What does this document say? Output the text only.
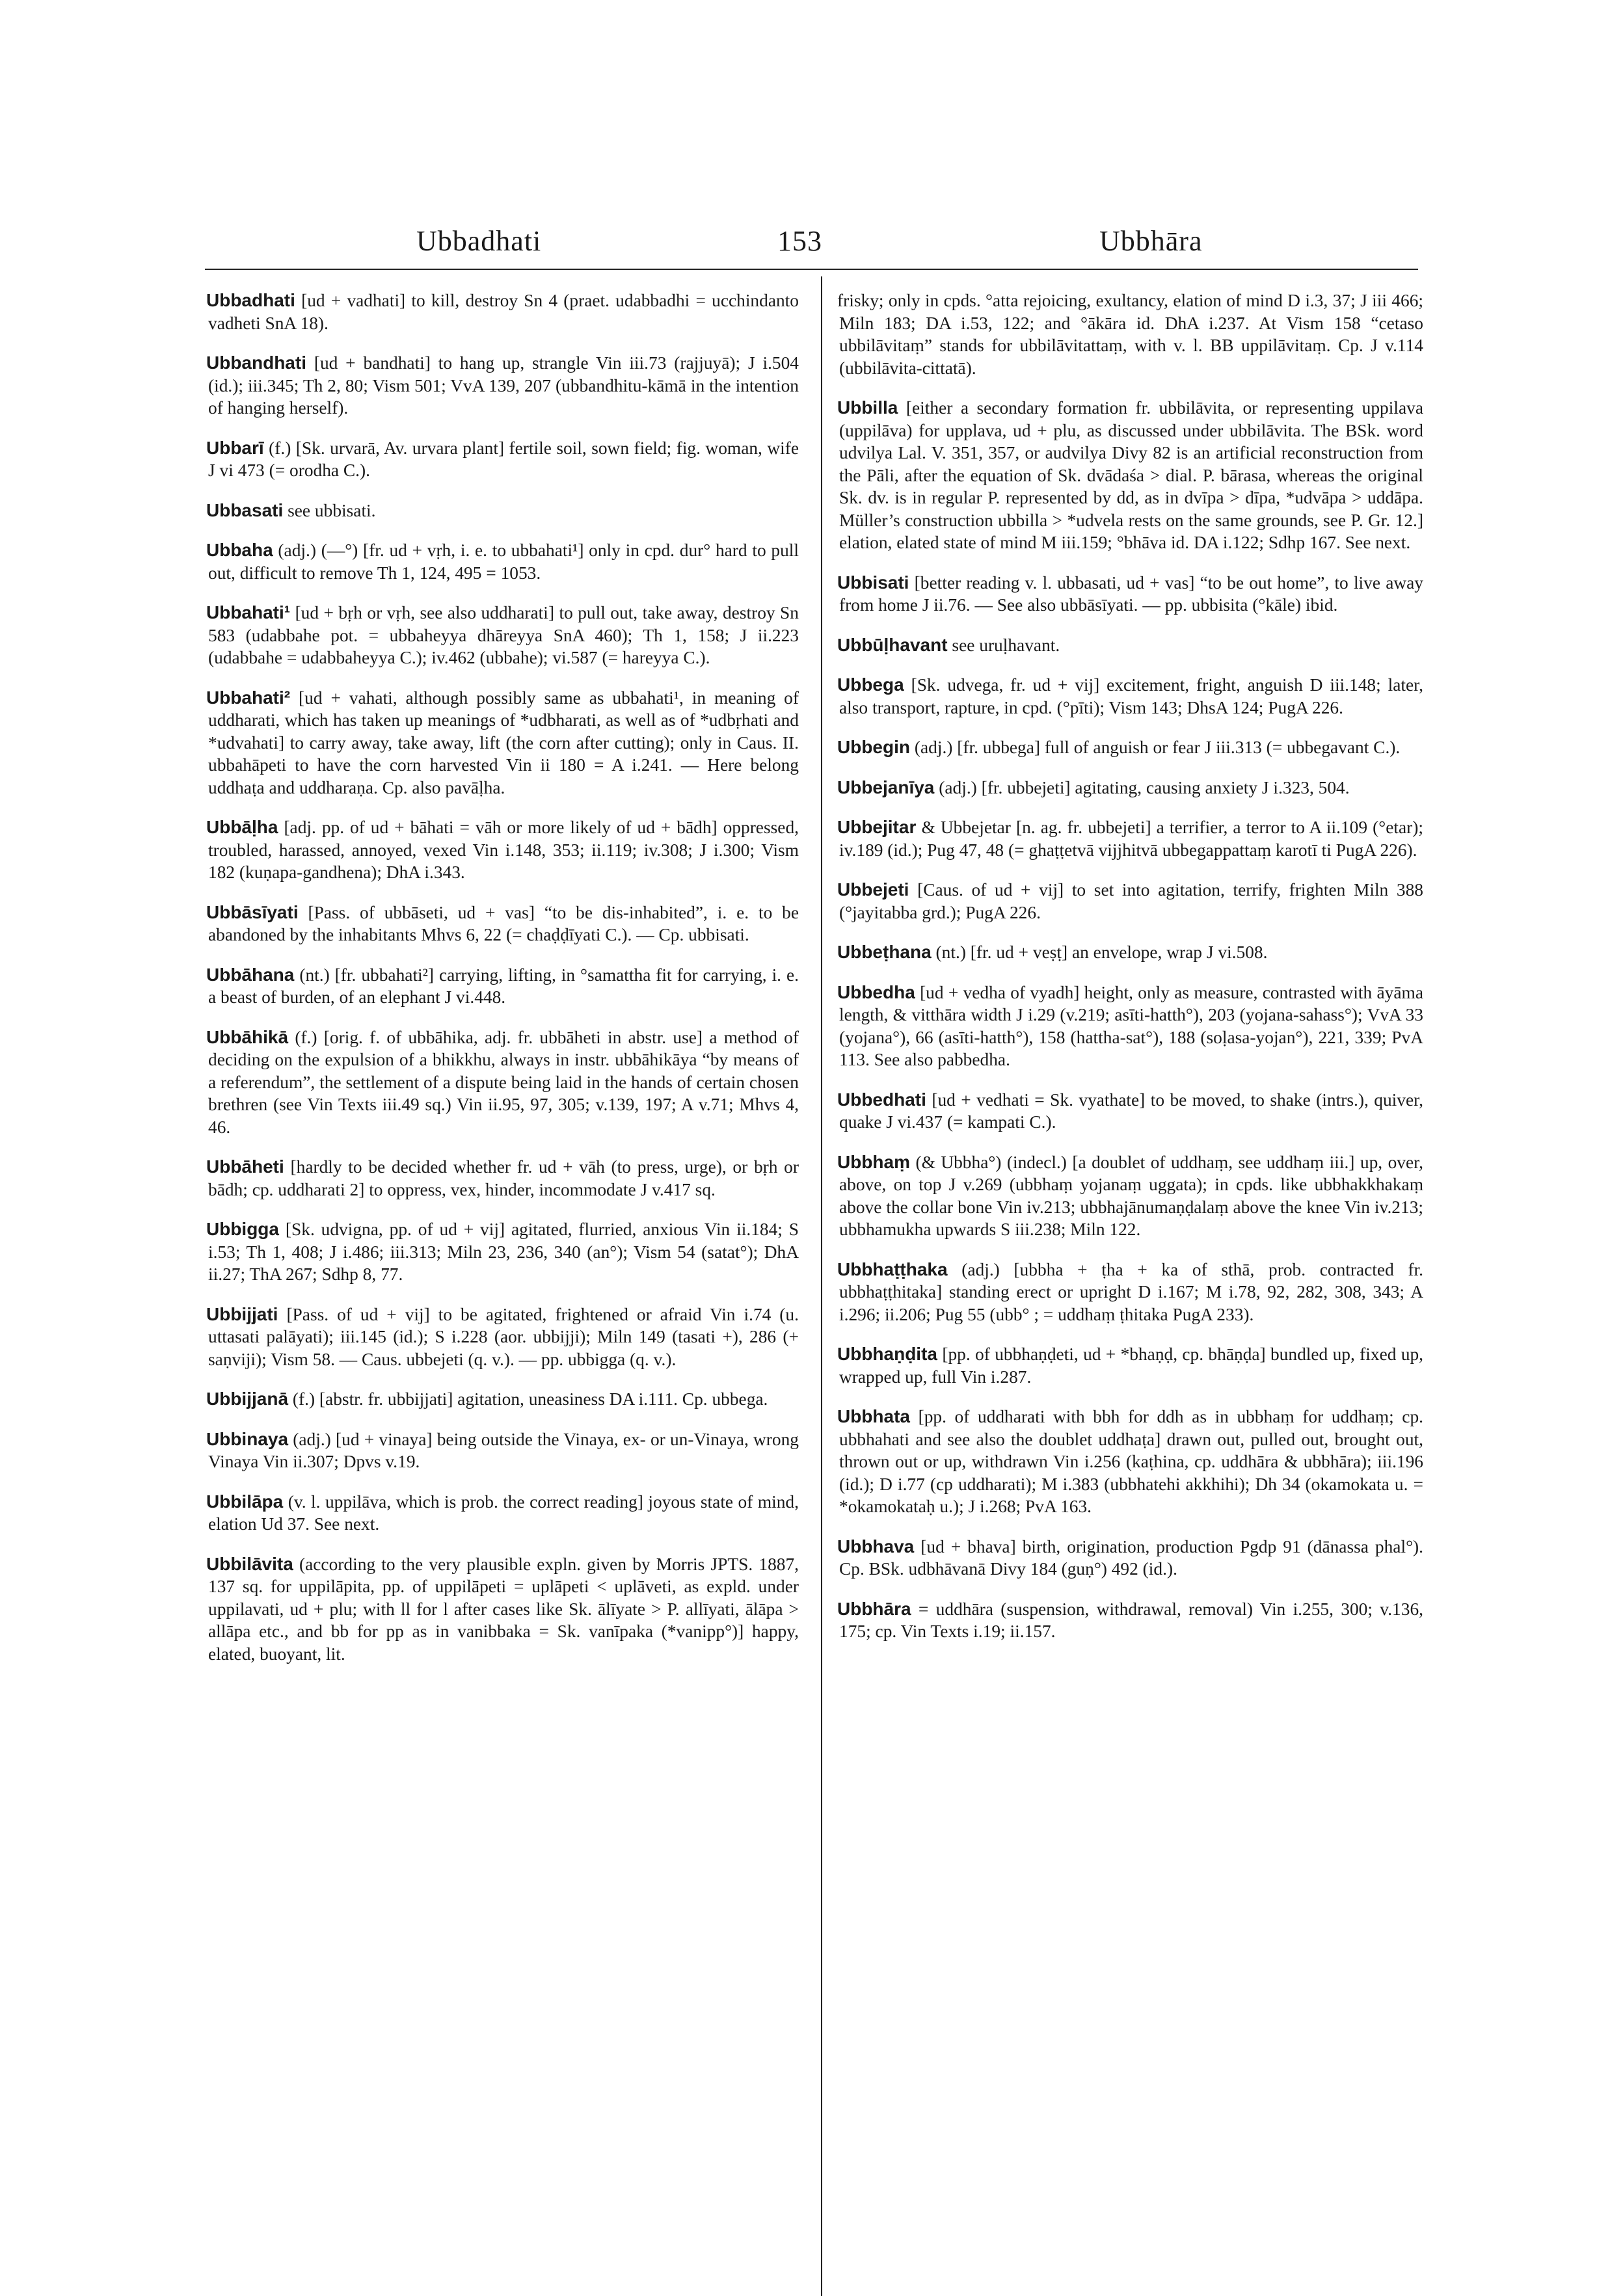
Ubbadhati	153	Ubbhāra

Ubbadhati [ud + vadhati] to kill, destroy Sn 4 (praet. udabbadhi = ucchindanto vadheti SnA 18).

Ubbandhati [ud + bandhati] to hang up, strangle Vin iii.73 (rajjuyā); J i.504 (id.); iii.345; Th 2, 80; Vism 501; VvA 139, 207 (ubbandhitu-kāmā in the intention of hanging herself).

Ubbarī (f.) [Sk. urvarā, Av. urvara plant] fertile soil, sown field; fig. woman, wife J vi 473 (= orodha C.).

Ubbasati see ubbisati.

Ubbaha (adj.) (—°) [fr. ud + vṛh, i. e. to ubbahati¹] only in cpd. dur° hard to pull out, difficult to remove Th 1, 124, 495 = 1053.

Ubbahati¹ [ud + bṛh or vṛh, see also uddharati] to pull out, take away, destroy Sn 583 (udabbahe pot. = ubbaheyya dhāreyya SnA 460); Th 1, 158; J ii.223 (udabbahe = udabbaheyya C.); iv.462 (ubbahe); vi.587 (= hareyya C.).

Ubbahati² [ud + vahati, although possibly same as ubbahati¹, in meaning of uddharati, which has taken up meanings of *udbharati, as well as of *udbṛhati and *udvahati] to carry away, take away, lift (the corn after cutting); only in Caus. II. ubbahāpeti to have the corn harvested Vin ii 180 = A i.241. — Here belong uddhaṭa and uddharaṇa. Cp. also pavāḷha.

Ubbāḷha [adj. pp. of ud + bāhati = vāh or more likely of ud + bādh] oppressed, troubled, harassed, annoyed, vexed Vin i.148, 353; ii.119; iv.308; J i.300; Vism 182 (kuṇapa-gandhena); DhA i.343.

Ubbāsīyati [Pass. of ubbāseti, ud + vas] “to be dis-inhabited”, i. e. to be abandoned by the inhabitants Mhvs 6, 22 (= chaḍḍīyati C.). — Cp. ubbisati.

Ubbāhana (nt.) [fr. ubbahati²] carrying, lifting, in °samattha fit for carrying, i. e. a beast of burden, of an elephant J vi.448.

Ubbāhikā (f.) [orig. f. of ubbāhika, adj. fr. ubbāheti in abstr. use] a method of deciding on the expulsion of a bhikkhu, always in instr. ubbāhikāya “by means of a referendum”, the settlement of a dispute being laid in the hands of certain chosen brethren (see Vin Texts iii.49 sq.) Vin ii.95, 97, 305; v.139, 197; A v.71; Mhvs 4, 46.

Ubbāheti [hardly to be decided whether fr. ud + vāh (to press, urge), or bṛh or bādh; cp. uddharati 2] to oppress, vex, hinder, incommodate J v.417 sq.

Ubbigga [Sk. udvigna, pp. of ud + vij] agitated, flurried, anxious Vin ii.184; S i.53; Th 1, 408; J i.486; iii.313; Miln 23, 236, 340 (an°); Vism 54 (satat°); DhA ii.27; ThA 267; Sdhp 8, 77.

Ubbijjati [Pass. of ud + vij] to be agitated, frightened or afraid Vin i.74 (u. uttasati palāyati); iii.145 (id.); S i.228 (aor. ubbijji); Miln 149 (tasati +), 286 (+ saṇviji); Vism 58. — Caus. ubbejeti (q. v.). — pp. ubbigga (q. v.).

Ubbijjanā (f.) [abstr. fr. ubbijjati] agitation, uneasiness DA i.111. Cp. ubbega.

Ubbinaya (adj.) [ud + vinaya] being outside the Vinaya, ex- or un-Vinaya, wrong Vinaya Vin ii.307; Dpvs v.19.

Ubbilāpa (v. l. uppilāva, which is prob. the correct reading] joyous state of mind, elation Ud 37. See next.

Ubbilāvita (according to the very plausible expln. given by Morris JPTS. 1887, 137 sq. for uppilāpita, pp. of uppilāpeti = uplāpeti < uplāveti, as expld. under uppilavati, ud + plu; with ll for l after cases like Sk. ālīyate > P. allīyati, ālāpa > allāpa etc., and bb for pp as in vanibbaka = Sk. vanīpaka (*vanipp°)] happy, elated, buoyant, lit.

frisky; only in cpds. °atta rejoicing, exultancy, elation of mind D i.3, 37; J iii 466; Miln 183; DA i.53, 122; and °ākāra id. DhA i.237. At Vism 158 “cetaso ubbilāvitaṃ” stands for ubbilāvitattaṃ, with v. l. BB uppilāvitaṃ. Cp. J v.114 (ubbilāvita-cittatā).

Ubbilla [either a secondary formation fr. ubbilāvita, or representing uppilava (uppilāva) for upplava, ud + plu, as discussed under ubbilāvita. The BSk. word udvilya Lal. V. 351, 357, or audvilya Divy 82 is an artificial reconstruction from the Pāli, after the equation of Sk. dvādaśa > dial. P. bārasa, whereas the original Sk. dv. is in regular P. represented by dd, as in dvīpa > dīpa, *udvāpa > uddāpa. Müller’s construction ubbilla > *udvela rests on the same grounds, see P. Gr. 12.] elation, elated state of mind M iii.159; °bhāva id. DA i.122; Sdhp 167. See next.

Ubbisati [better reading v. l. ubbasati, ud + vas] “to be out home”, to live away from home J ii.76. — See also ubbāsīyati. — pp. ubbisita (°kāle) ibid.

Ubbūḷhavant see uruḷhavant.

Ubbega [Sk. udvega, fr. ud + vij] excitement, fright, anguish D iii.148; later, also transport, rapture, in cpd. (°pīti); Vism 143; DhsA 124; PugA 226.

Ubbegin (adj.) [fr. ubbega] full of anguish or fear J iii.313 (= ubbegavant C.).

Ubbejanīya (adj.) [fr. ubbejeti] agitating, causing anxiety J i.323, 504.

Ubbejitar & Ubbejetar [n. ag. fr. ubbejeti] a terrifier, a terror to A ii.109 (°etar); iv.189 (id.); Pug 47, 48 (= ghaṭṭetvā vijjhitvā ubbegappattaṃ karotī ti PugA 226).

Ubbejeti [Caus. of ud + vij] to set into agitation, terrify, frighten Miln 388 (°jayitabba grd.); PugA 226.

Ubbeṭhana (nt.) [fr. ud + veṣṭ] an envelope, wrap J vi.508.

Ubbedha [ud + vedha of vyadh] height, only as measure, contrasted with āyāma length, & vitthāra width J i.29 (v.219; asīti-hatth°), 203 (yojana-sahass°); VvA 33 (yojana°), 66 (asīti-hatth°), 158 (hattha-sat°), 188 (soḷasa-yojan°), 221, 339; PvA 113. See also pabbedha.

Ubbedhati [ud + vedhati = Sk. vyathate] to be moved, to shake (intrs.), quiver, quake J vi.437 (= kampati C.).

Ubbhaṃ (& Ubbha°) (indecl.) [a doublet of uddhaṃ, see uddhaṃ iii.] up, over, above, on top J v.269 (ubbhaṃ yojanaṃ uggata); in cpds. like ubbhakkhakaṃ above the collar bone Vin iv.213; ubbhajānumaṇḍalaṃ above the knee Vin iv.213; ubbhamukha upwards S iii.238; Miln 122.

Ubbhaṭṭhaka (adj.) [ubbha + ṭha + ka of sthā, prob. contracted fr. ubbhaṭṭhitaka] standing erect or upright D i.167; M i.78, 92, 282, 308, 343; A i.296; ii.206; Pug 55 (ubb° ; = uddhaṃ ṭhitaka PugA 233).

Ubbhaṇḍita [pp. of ubbhaṇḍeti, ud + *bhaṇḍ, cp. bhāṇḍa] bundled up, fixed up, wrapped up, full Vin i.287.

Ubbhata [pp. of uddharati with bbh for ddh as in ubbhaṃ for uddhaṃ; cp. ubbhahati and see also the doublet uddhaṭa] drawn out, pulled out, brought out, thrown out or up, withdrawn Vin i.256 (kaṭhina, cp. uddhāra & ubbhāra); iii.196 (id.); D i.77 (cp uddharati); M i.383 (ubbhatehi akkhihi); Dh 34 (okamokata u. = *okamokataḥ u.); J i.268; PvA 163.

Ubbhava [ud + bhava] birth, origination, production Pgdp 91 (dānassa phal°). Cp. BSk. udbhāvanā Divy 184 (guṇ°) 492 (id.).

Ubbhāra = uddhāra (suspension, withdrawal, removal) Vin i.255, 300; v.136, 175; cp. Vin Texts i.19; ii.157.
